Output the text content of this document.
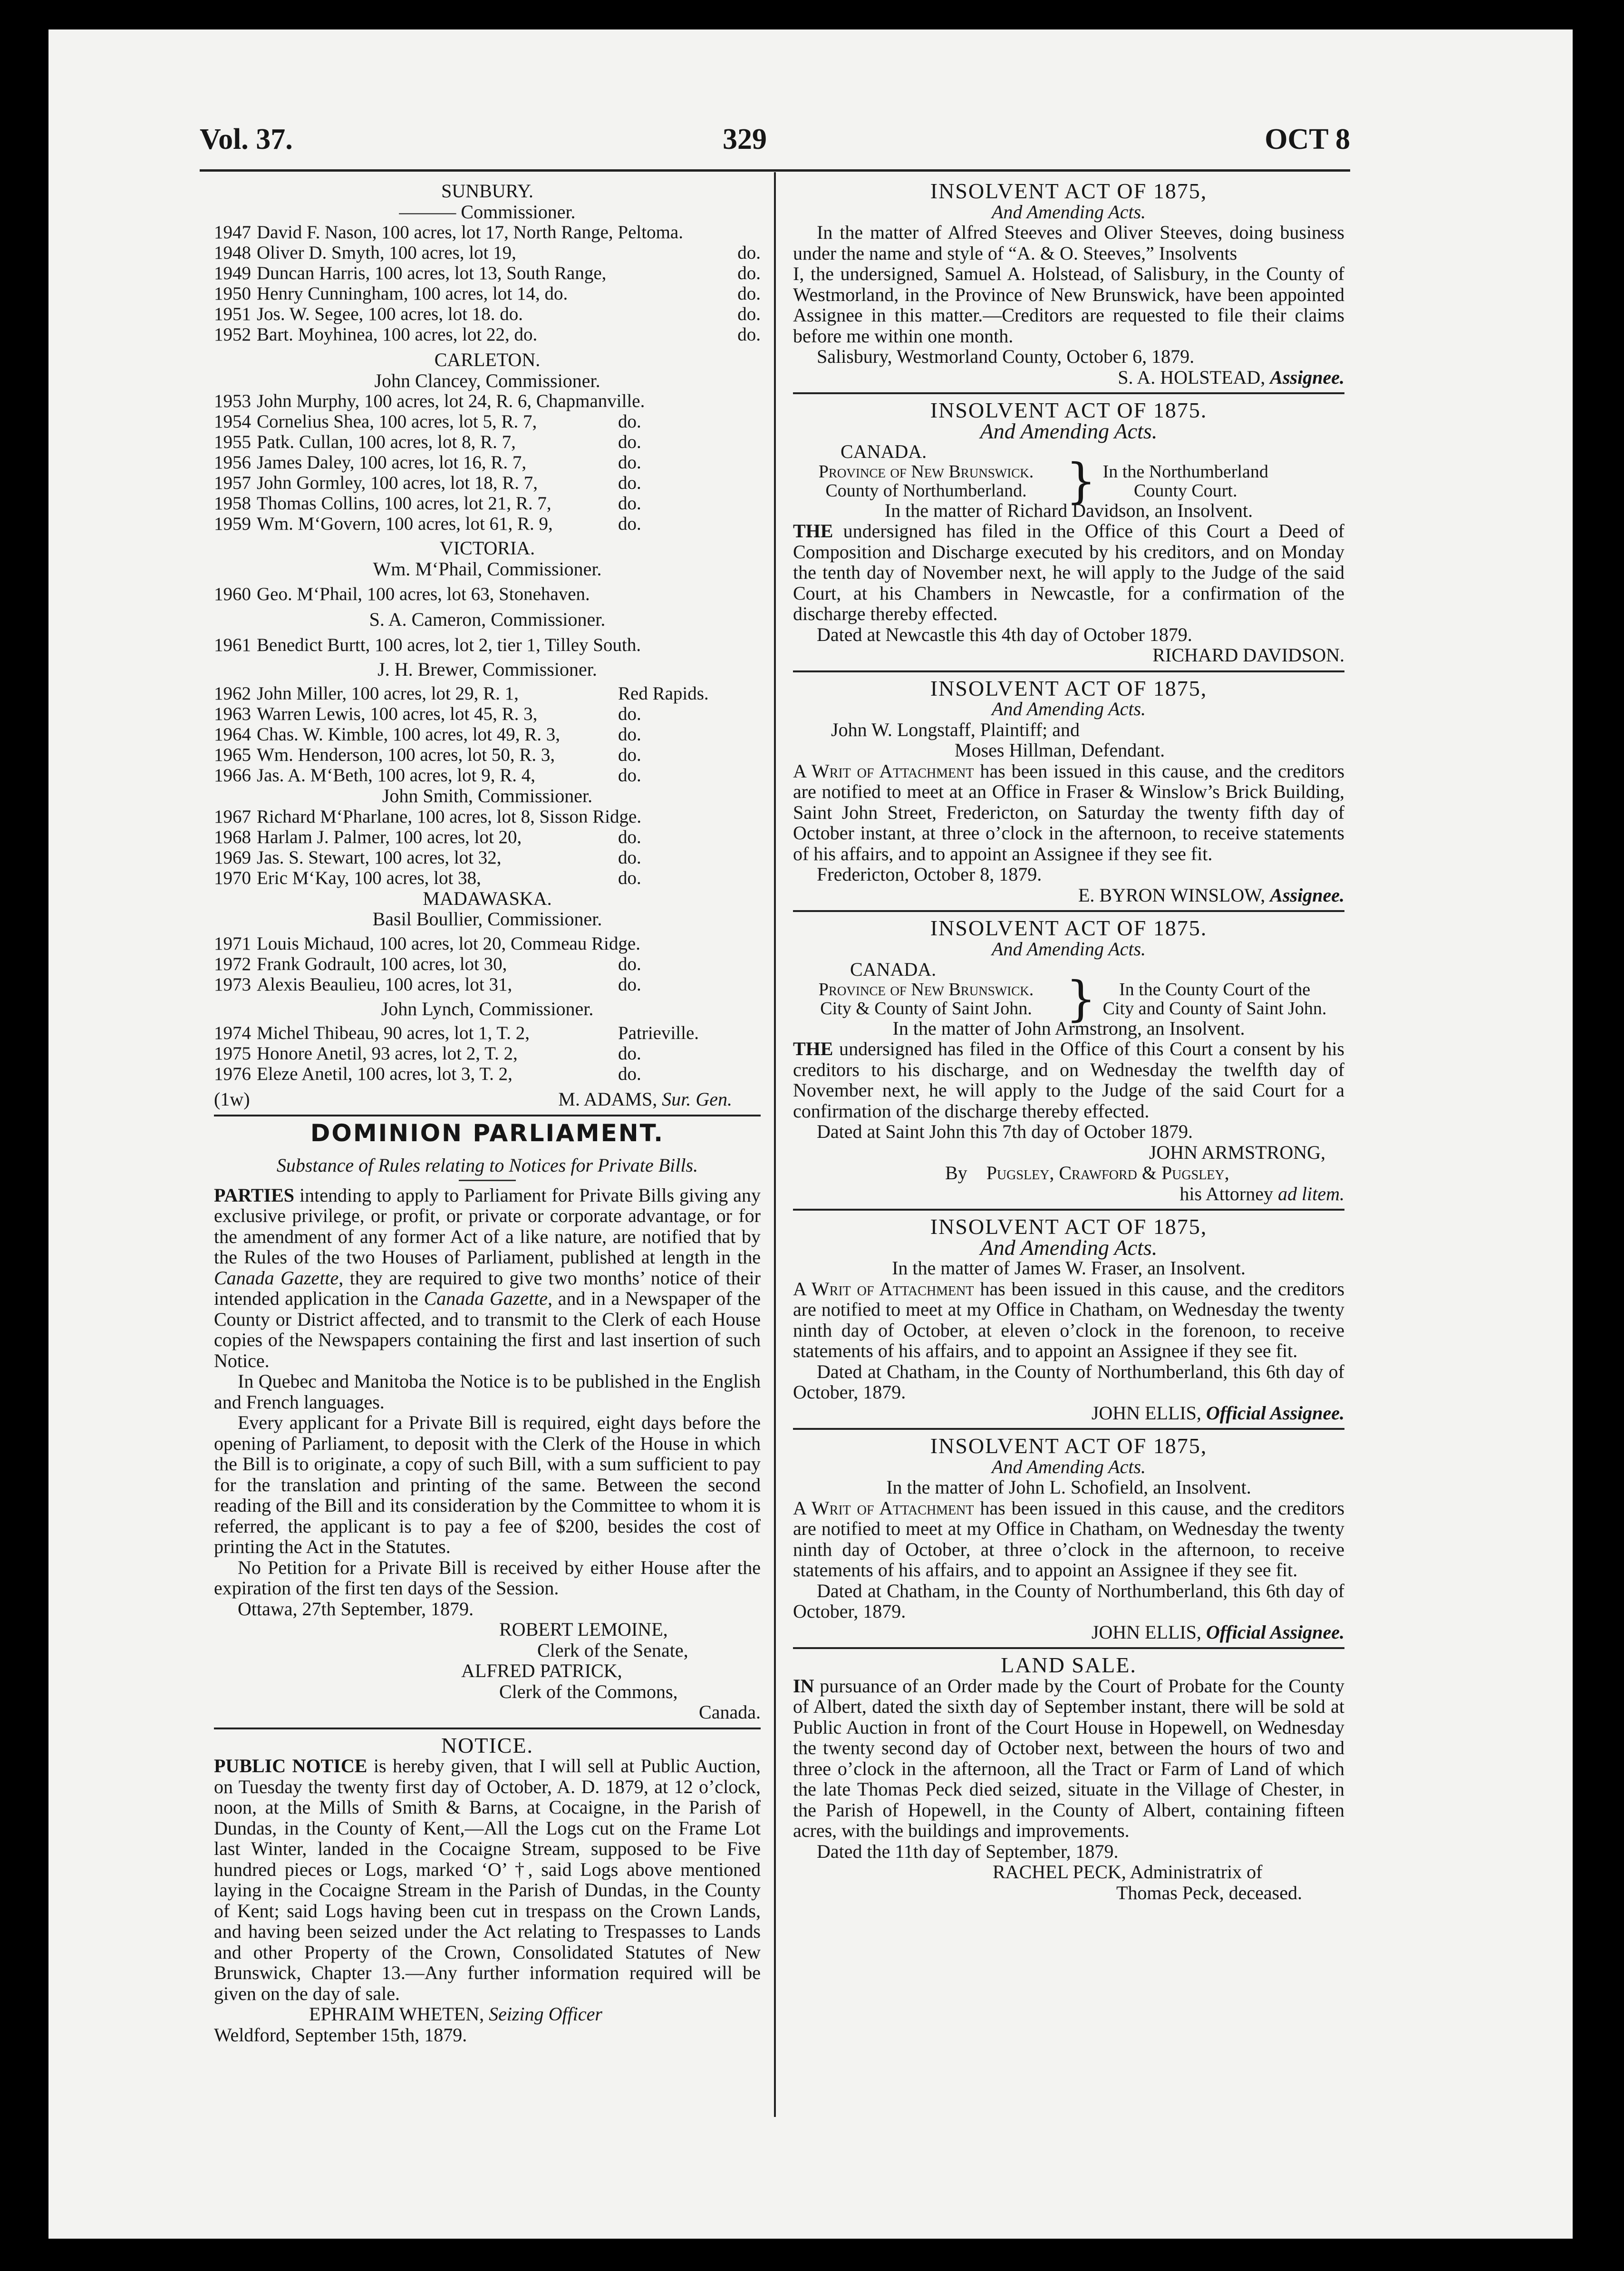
Vol. 37.	329	OCT 8
SUNBURY.
——— Commissioner.
1947	David F. Nason, 100 acres, lot 17, North Range, Peltoma.	
1948	Oliver D. Smyth, 100 acres, lot 19,	do.
1949	Duncan Harris, 100 acres, lot 13, South Range,	do.
1950	Henry Cunningham, 100 acres, lot 14, do.	do.
1951	Jos. W. Segee, 100 acres, lot 18. do.	do.
1952	Bart. Moyhinea, 100 acres, lot 22, do.	do.
CARLETON.
John Clancey, Commissioner.
1953	John Murphy, 100 acres, lot 24, R. 6, Chapmanville.	
1954	Cornelius Shea, 100 acres, lot 5, R. 7,	do.
1955	Patk. Cullan, 100 acres, lot 8, R. 7,	do.
1956	James Daley, 100 acres, lot 16, R. 7,	do.
1957	John Gormley, 100 acres, lot 18, R. 7,	do.
1958	Thomas Collins, 100 acres, lot 21, R. 7,	do.
1959	Wm. M‘Govern, 100 acres, lot 61, R. 9,	do.
VICTORIA.
Wm. M‘Phail, Commissioner.
1960	Geo. M‘Phail, 100 acres, lot 63, Stonehaven.
S. A. Cameron, Commissioner.
1961	Benedict Burtt, 100 acres, lot 2, tier 1, Tilley South.
J. H. Brewer, Commissioner.
1962	John Miller, 100 acres, lot 29, R. 1,	Red Rapids.
1963	Warren Lewis, 100 acres, lot 45, R. 3,	do.
1964	Chas. W. Kimble, 100 acres, lot 49, R. 3,	do.
1965	Wm. Henderson, 100 acres, lot 50, R. 3,	do.
1966	Jas. A. M‘Beth, 100 acres, lot 9, R. 4,	do.
John Smith, Commissioner.
1967	Richard M‘Pharlane, 100 acres, lot 8, Sisson Ridge.	
1968	Harlam J. Palmer, 100 acres, lot 20,	do.
1969	Jas. S. Stewart, 100 acres, lot 32,	do.
1970	Eric M‘Kay, 100 acres, lot 38,	do.
MADAWASKA.
Basil Boullier, Commissioner.
1971	Louis Michaud, 100 acres, lot 20, Commeau Ridge.	
1972	Frank Godrault, 100 acres, lot 30,	do.
1973	Alexis Beaulieu, 100 acres, lot 31,	do.
John Lynch, Commissioner.
1974	Michel Thibeau, 90 acres, lot 1, T. 2,	Patrieville.
1975	Honore Anetil, 93 acres, lot 2, T. 2,	do.
1976	Eleze Anetil, 100 acres, lot 3, T. 2,	do.
(1w)	M. ADAMS, Sur. Gen.
DOMINION PARLIAMENT.
Substance of Rules relating to Notices for Private Bills.
PARTIES intending to apply to Parliament for Private Bills giving any exclusive privilege, or profit, or private or corporate advantage, or for the amendment of any former Act of a like nature, are notified that by the Rules of the two Houses of Parliament, published at length in the Canada Gazette, they are required to give two months’ notice of their intended application in the Canada Gazette, and in a Newspaper of the County or District affected, and to transmit to the Clerk of each House copies of the Newspapers containing the first and last insertion of such Notice.
In Quebec and Manitoba the Notice is to be published in the English and French languages.
Every applicant for a Private Bill is required, eight days before the opening of Parliament, to deposit with the Clerk of the House in which the Bill is to originate, a copy of such Bill, with a sum sufficient to pay for the translation and printing of the same. Between the second reading of the Bill and its consideration by the Committee to whom it is referred, the applicant is to pay a fee of $200, besides the cost of printing the Act in the Statutes.
No Petition for a Private Bill is received by either House after the expiration of the first ten days of the Session.
Ottawa, 27th September, 1879.
ROBERT LEMOINE,
Clerk of the Senate,
ALFRED PATRICK,
Clerk of the Commons,
Canada.
NOTICE.
PUBLIC NOTICE is hereby given, that I will sell at Public Auction, on Tuesday the twenty first day of October, A. D. 1879, at 12 o’clock, noon, at the Mills of Smith & Barns, at Cocaigne, in the Parish of Dundas, in the County of Kent,—All the Logs cut on the Frame Lot last Winter, landed in the Cocaigne Stream, supposed to be Five hundred pieces or Logs, marked ‘O’ †, said Logs above mentioned laying in the Cocaigne Stream in the Parish of Dundas, in the County of Kent; said Logs having been cut in trespass on the Crown Lands, and having been seized under the Act relating to Trespasses to Lands and other Property of the Crown, Consolidated Statutes of New Brunswick, Chapter 13.—Any further information required will be given on the day of sale.
EPHRAIM WHETEN, Seizing Officer
Weldford, September 15th, 1879.
INSOLVENT ACT OF 1875,
And Amending Acts.
In the matter of Alfred Steeves and Oliver Steeves, doing business under the name and style of “A. & O. Steeves,” Insolvents
I, the undersigned, Samuel A. Holstead, of Salisbury, in the County of Westmorland, in the Province of New Brunswick, have been appointed Assignee in this matter.—Creditors are requested to file their claims before me within one month.
Salisbury, Westmorland County, October 6, 1879.
S. A. HOLSTEAD, Assignee.
INSOLVENT ACT OF 1875.
And Amending Acts.
CANADA.
Province of New Brunswick.
County of Northumberland. } In the Northumberland
County Court.
In the matter of Richard Davidson, an Insolvent.
THE undersigned has filed in the Office of this Court a Deed of Composition and Discharge executed by his creditors, and on Monday the tenth day of November next, he will apply to the Judge of the said Court, at his Chambers in Newcastle, for a confirmation of the discharge thereby effected.
Dated at Newcastle this 4th day of October 1879.
RICHARD DAVIDSON.
INSOLVENT ACT OF 1875,
And Amending Acts.
John W. Longstaff, Plaintiff; and
Moses Hillman, Defendant.
A Writ of Attachment has been issued in this cause, and the creditors are notified to meet at an Office in Fraser & Winslow’s Brick Building, Saint John Street, Fredericton, on Saturday the twenty fifth day of October instant, at three o’clock in the afternoon, to receive statements of his affairs, and to appoint an Assignee if they see fit.
Fredericton, October 8, 1879.
E. BYRON WINSLOW, Assignee.
INSOLVENT ACT OF 1875.
And Amending Acts.
CANADA.
Province of New Brunswick.
City & County of Saint John. }	In the County Court of the
City and County of Saint John.
In the matter of John Armstrong, an Insolvent.
THE undersigned has filed in the Office of this Court a consent by his creditors to his discharge, and on Wednesday the twelfth day of November next, he will apply to the Judge of the said Court for a confirmation of the discharge thereby effected.
Dated at Saint John this 7th day of October 1879.
JOHN ARMSTRONG,
By Pugsley, Crawford & Pugsley,
his Attorney ad litem.
INSOLVENT ACT OF 1875,
And Amending Acts.
In the matter of James W. Fraser, an Insolvent.
A Writ of Attachment has been issued in this cause, and the creditors are notified to meet at my Office in Chatham, on Wednesday the twenty ninth day of October, at eleven o’clock in the forenoon, to receive statements of his affairs, and to appoint an Assignee if they see fit.
Dated at Chatham, in the County of Northumberland, this 6th day of October, 1879.
JOHN ELLIS, Official Assignee.
INSOLVENT ACT OF 1875,
And Amending Acts.
In the matter of John L. Schofield, an Insolvent.
A Writ of Attachment has been issued in this cause, and the creditors are notified to meet at my Office in Chatham, on Wednesday the twenty ninth day of October, at three o’clock in the afternoon, to receive statements of his affairs, and to appoint an Assignee if they see fit.
Dated at Chatham, in the County of Northumberland, this 6th day of October, 1879.
JOHN ELLIS, Official Assignee.
LAND SALE.
IN pursuance of an Order made by the Court of Probate for the County of Albert, dated the sixth day of September instant, there will be sold at Public Auction in front of the Court House in Hopewell, on Wednesday the twenty second day of October next, between the hours of two and three o’clock in the afternoon, all the Tract or Farm of Land of which the late Thomas Peck died seized, situate in the Village of Chester, in the Parish of Hopewell, in the County of Albert, containing fifteen acres, with the buildings and improvements.
Dated the 11th day of September, 1879.
RACHEL PECK, Administratrix of
Thomas Peck, deceased.
